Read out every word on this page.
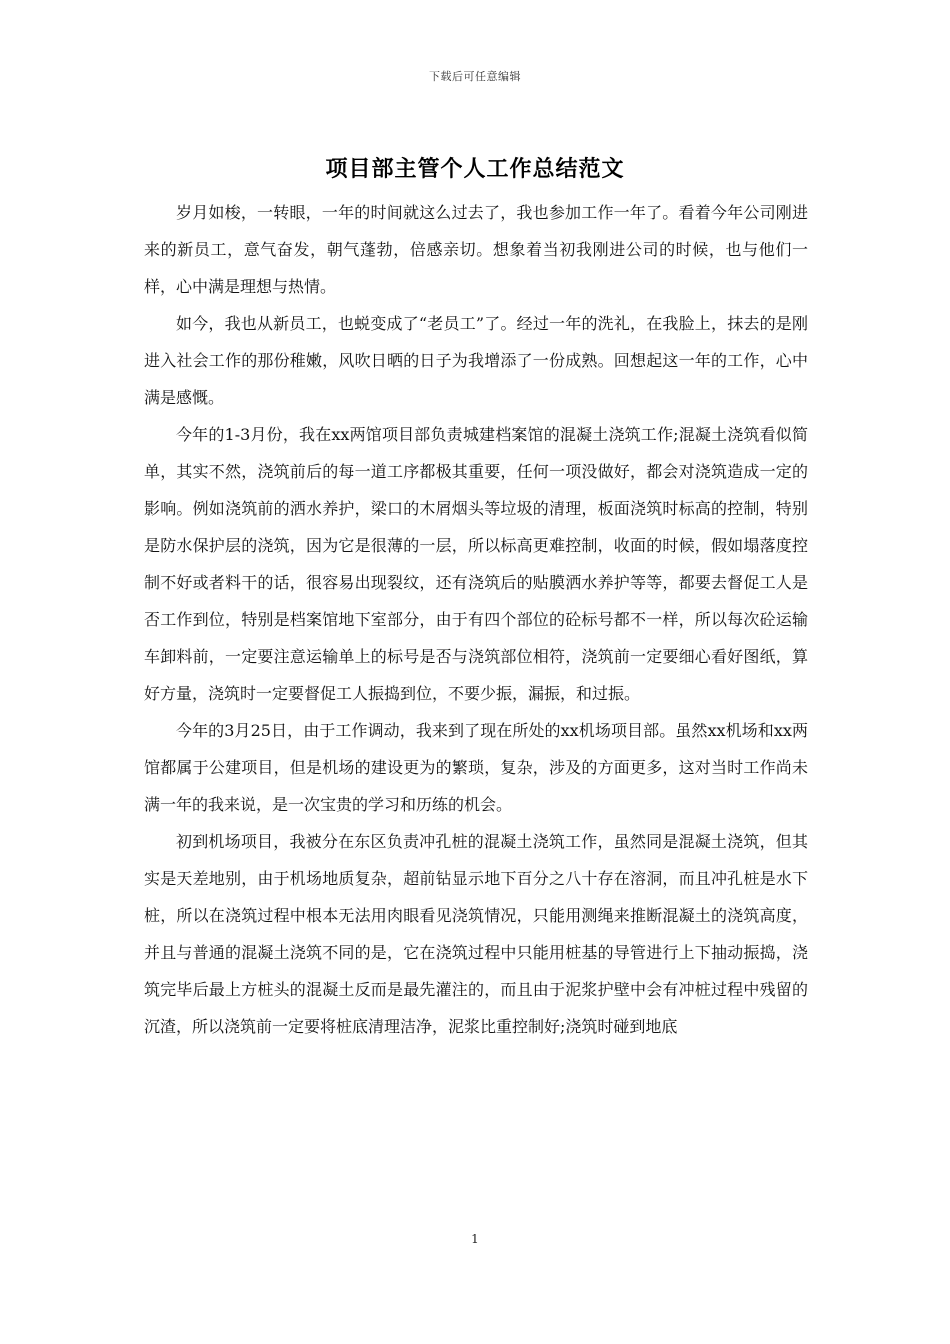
下载后可任意编辑
项目部主管个人工作总结范文

岁月如梭，一转眼，一年的时间就这么过去了，我也参加工作一年了。看着今年公司刚进来的新员工，意气奋发，朝气蓬勃，倍感亲切。想象着当初我刚进公司的时候，也与他们一样，心中满是理想与热情。

如今，我也从新员工，也蜕变成了“老员工”了。经过一年的洗礼，在我脸上，抹去的是刚进入社会工作的那份稚嫩，风吹日晒的日子为我增添了一份成熟。回想起这一年的工作，心中满是感慨。

今年的1-3月份，我在xx两馆项目部负责城建档案馆的混凝土浇筑工作;混凝土浇筑看似简单，其实不然，浇筑前后的每一道工序都极其重要，任何一项没做好，都会对浇筑造成一定的影响。例如浇筑前的洒水养护，梁口的木屑烟头等垃圾的清理，板面浇筑时标高的控制，特别是防水保护层的浇筑，因为它是很薄的一层，所以标高更难控制，收面的时候，假如塌落度控制不好或者料干的话，很容易出现裂纹，还有浇筑后的贴膜洒水养护等等，都要去督促工人是否工作到位，特别是档案馆地下室部分，由于有四个部位的砼标号都不一样，所以每次砼运输车卸料前，一定要注意运输单上的标号是否与浇筑部位相符，浇筑前一定要细心看好图纸，算好方量，浇筑时一定要督促工人振捣到位，不要少振，漏振，和过振。

今年的3月25日，由于工作调动，我来到了现在所处的xx机场项目部。虽然xx机场和xx两馆都属于公建项目，但是机场的建设更为的繁琐，复杂，涉及的方面更多，这对当时工作尚未满一年的我来说，是一次宝贵的学习和历练的机会。

初到机场项目，我被分在东区负责冲孔桩的混凝土浇筑工作，虽然同是混凝土浇筑，但其实是天差地别，由于机场地质复杂，超前钻显示地下百分之八十存在溶洞，而且冲孔桩是水下桩，所以在浇筑过程中根本无法用肉眼看见浇筑情况，只能用测绳来推断混凝土的浇筑高度，并且与普通的混凝土浇筑不同的是，它在浇筑过程中只能用桩基的导管进行上下抽动振捣，浇筑完毕后最上方桩头的混凝土反而是最先灌注的，而且由于泥浆护壁中会有冲桩过程中残留的沉渣，所以浇筑前一定要将桩底清理洁净，泥浆比重控制好;浇筑时碰到地底

1
